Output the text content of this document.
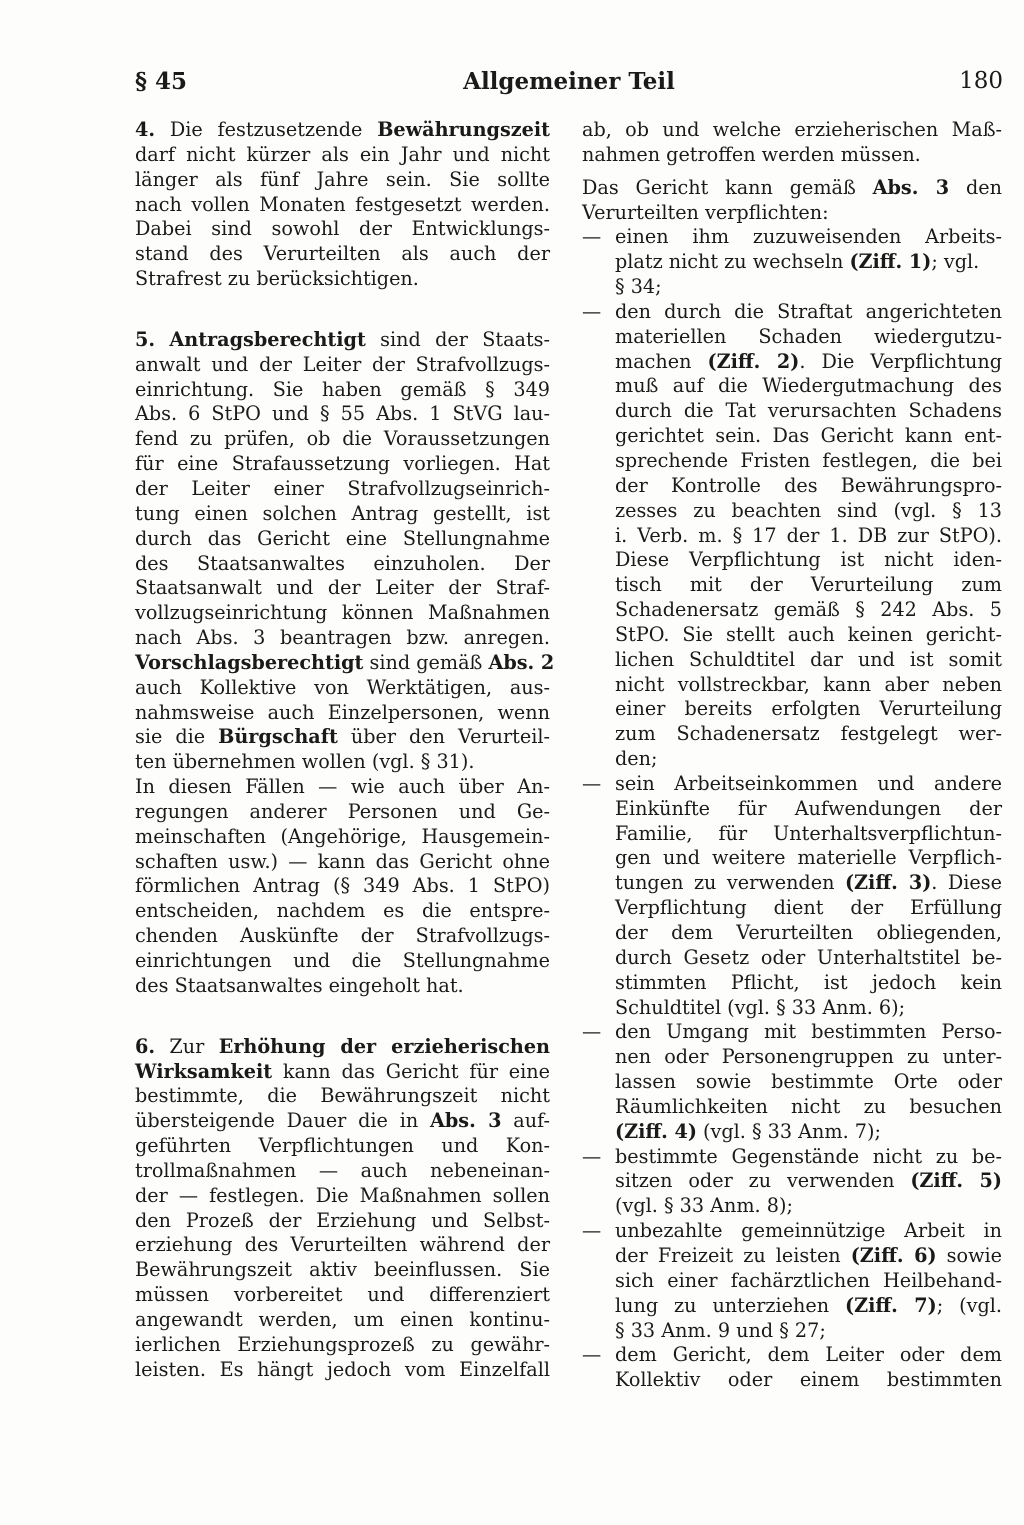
Allgemeiner Teil
§ 45	180
4. Die festzusetzende Bewährungszeit
darf nicht kürzer als ein Jahr und nicht
länger als fünf Jahre sein. Sie sollte
nach vollen Monaten festgesetzt werden.
Dabei sind sowohl der Entwicklungs-
stand des Verurteilten als auch der
Strafrest zu berücksichtigen.
5. Antragsberechtigt sind der Staats-
anwalt und der Leiter der Strafvollzugs-
einrichtung. Sie haben gemäß § 349
Abs. 6 StPO und § 55 Abs. 1 StVG lau-
fend zu prüfen, ob die Voraussetzungen
für eine Strafaussetzung vorliegen. Hat
der Leiter einer Strafvollzugseinrich-
tung einen solchen Antrag gestellt, ist
durch das Gericht eine Stellungnahme
des Staatsanwaltes einzuholen. Der
Staatsanwalt und der Leiter der Straf-
vollzugseinrichtung können Maßnahmen
nach Abs. 3 beantragen bzw. anregen.
Vorschlagsberechtigt sind gemäß Abs. 2
auch Kollektive von Werktätigen, aus-
nahmsweise auch Einzelpersonen, wenn
sie die Bürgschaft über den Verurteil-
ten übernehmen wollen (vgl. § 31).
In diesen Fällen — wie auch über An-
regungen anderer Personen und Ge-
meinschaften (Angehörige, Hausgemein-
schaften usw.) — kann das Gericht ohne
förmlichen Antrag (§ 349 Abs. 1 StPO)
entscheiden, nachdem es die entspre-
chenden Auskünfte der Strafvollzugs-
einrichtungen und die Stellungnahme
des Staatsanwaltes eingeholt hat.
6. Zur Erhöhung der erzieherischen
Wirksamkeit kann das Gericht für eine
bestimmte, die Bewährungszeit nicht
übersteigende Dauer die in Abs. 3 auf-
geführten Verpflichtungen und Kon-
trollmaßnahmen — auch nebeneinan-
der — festlegen. Die Maßnahmen sollen
den Prozeß der Erziehung und Selbst-
erziehung des Verurteilten während der
Bewährungszeit aktiv beeinflussen. Sie
müssen vorbereitet und differenziert
angewandt werden, um einen kontinu-
ierlichen Erziehungsprozeß zu gewähr-
leisten. Es hängt jedoch vom Einzelfall
ab, ob und welche erzieherischen Maß-
nahmen getroffen werden müssen.
Das Gericht kann gemäß Abs. 3 den
Verurteilten verpflichten:
— einen ihm zuzuweisenden Arbeits-
platz nicht zu wechseln (Ziff. 1); vgl.
§ 34;
— den durch die Straftat angerichteten
materiellen Schaden wiedergutzu-
machen (Ziff. 2). Die Verpflichtung
muß auf die Wiedergutmachung des
durch die Tat verursachten Schadens
gerichtet sein. Das Gericht kann ent-
sprechende Fristen festlegen, die bei
der Kontrolle des Bewährungspro-
zesses zu beachten sind (vgl. § 13
i. Verb. m. § 17 der 1. DB zur StPO).
Diese Verpflichtung ist nicht iden-
tisch mit der Verurteilung zum
Schadenersatz gemäß § 242 Abs. 5
StPO. Sie stellt auch keinen gericht-
lichen Schuldtitel dar und ist somit
nicht vollstreckbar, kann aber neben
einer bereits erfolgten Verurteilung
zum Schadenersatz festgelegt wer-
den;
— sein Arbeitseinkommen und andere
Einkünfte für Aufwendungen der
Familie, für Unterhaltsverpflichtun-
gen und weitere materielle Verpflich-
tungen zu verwenden (Ziff. 3). Diese
Verpflichtung dient der Erfüllung
der dem Verurteilten obliegenden,
durch Gesetz oder Unterhaltstitel be-
stimmten Pflicht, ist jedoch kein
Schuldtitel (vgl. § 33 Anm. 6);
— den Umgang mit bestimmten Perso-
nen oder Personengruppen zu unter-
lassen sowie bestimmte Orte oder
Räumlichkeiten nicht zu besuchen
(Ziff. 4) (vgl. § 33 Anm. 7);
— bestimmte Gegenstände nicht zu be-
sitzen oder zu verwenden (Ziff. 5)
(vgl. § 33 Anm. 8);
— unbezahlte gemeinnützige Arbeit in
der Freizeit zu leisten (Ziff. 6) sowie
sich einer fachärztlichen Heilbehand-
lung zu unterziehen (Ziff. 7); (vgl.
§ 33 Anm. 9 und § 27;
— dem Gericht, dem Leiter oder dem
Kollektiv oder einem bestimmten
